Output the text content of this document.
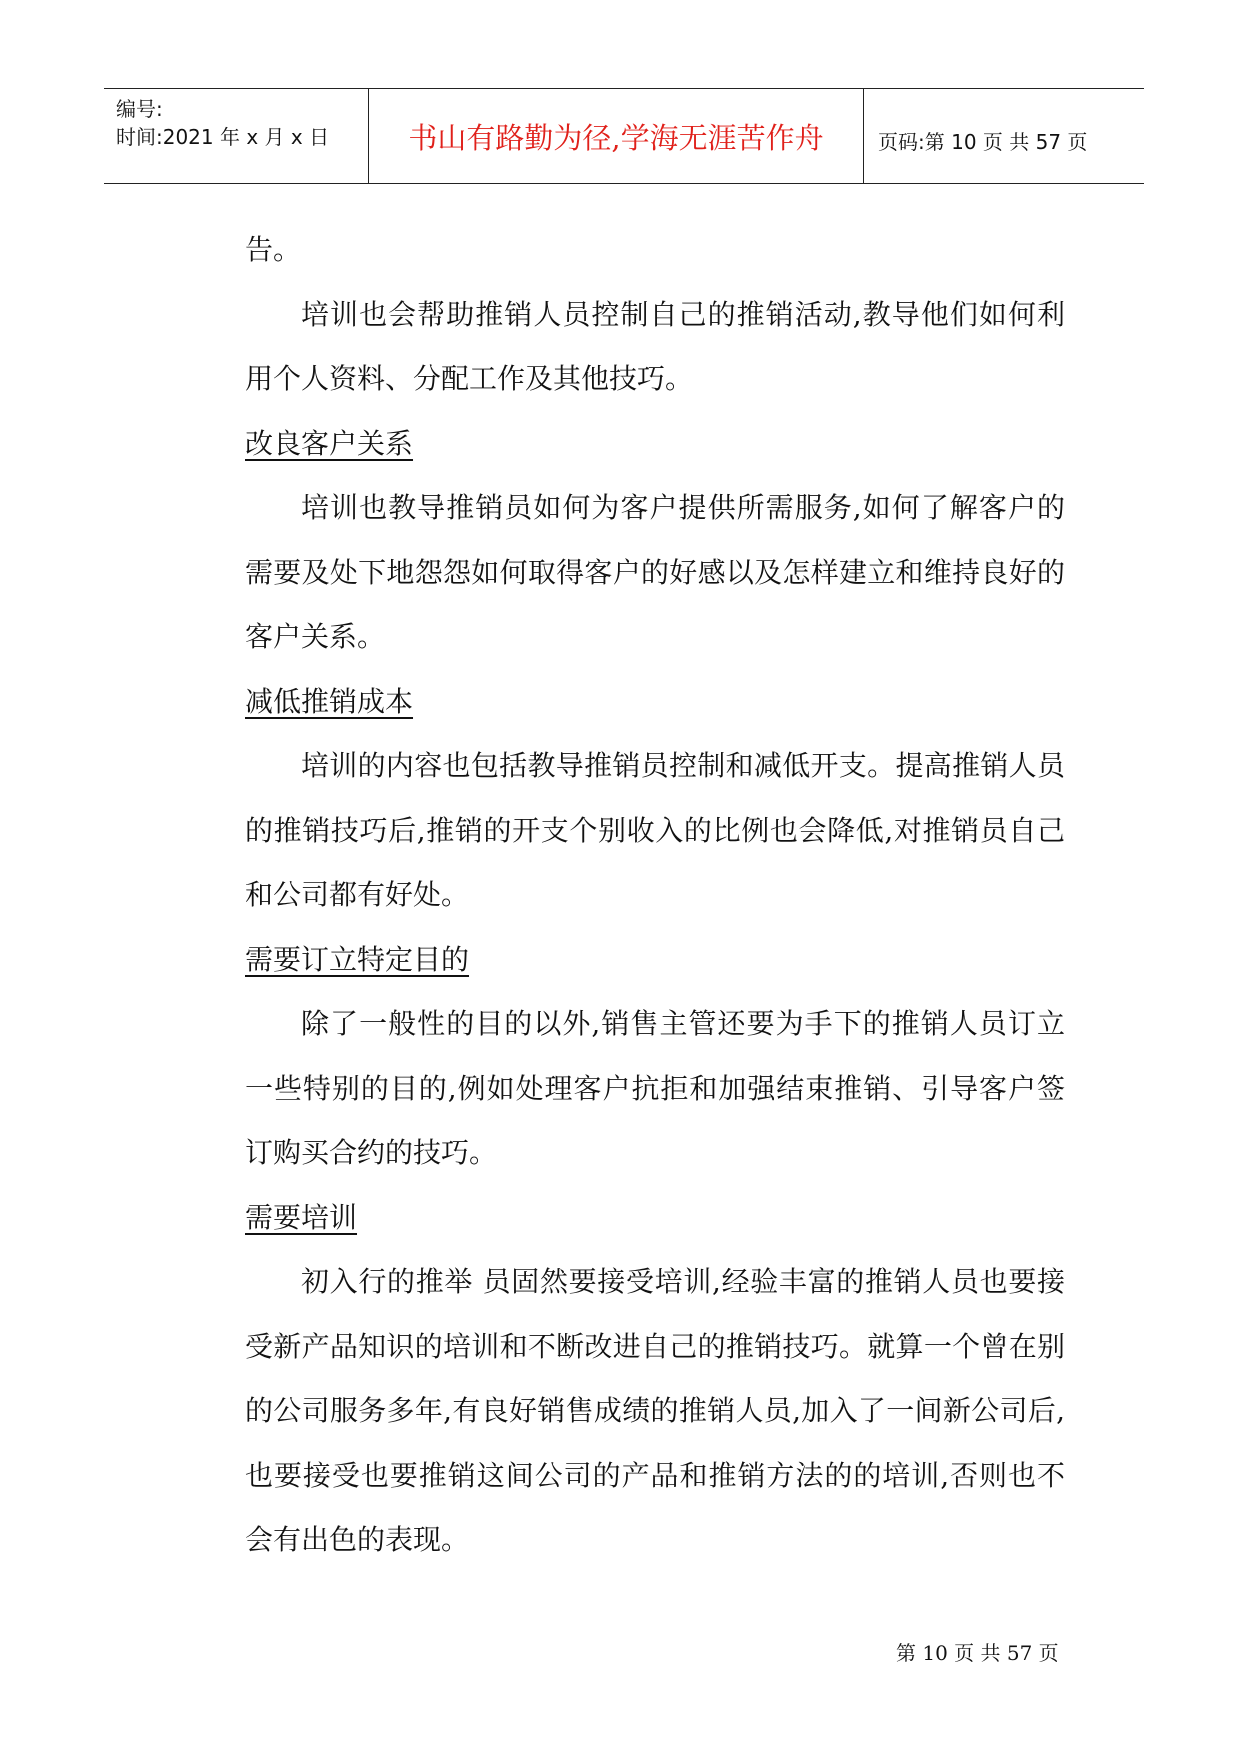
编号:
时间:2021 年 x 月 x 日	书山有路勤为径,学海无涯苦作舟	页码:第 10 页 共 57 页

告。

培训也会帮助推销人员控制自己的推销活动,教导他们如何利用个人资料、分配工作及其他技巧。

改良客户关系

培训也教导推销员如何为客户提供所需服务,如何了解客户的需要及处下地怨怨如何取得客户的好感以及怎样建立和维持良好的客户关系。

减低推销成本

培训的内容也包括教导推销员控制和减低开支。提高推销人员的推销技巧后,推销的开支个别收入的比例也会降低,对推销员自己和公司都有好处。

需要订立特定目的

除了一般性的目的以外,销售主管还要为手下的推销人员订立一些特别的目的,例如处理客户抗拒和加强结束推销、引导客户签订购买合约的技巧。

需要培训

初入行的推举 员固然要接受培训,经验丰富的推销人员也要接受新产品知识的培训和不断改进自己的推销技巧。就算一个曾在别的公司服务多年,有良好销售成绩的推销人员,加入了一间新公司后,也要接受也要推销这间公司的产品和推销方法的的培训,否则也不会有出色的表现。

第 10 页 共 57 页
